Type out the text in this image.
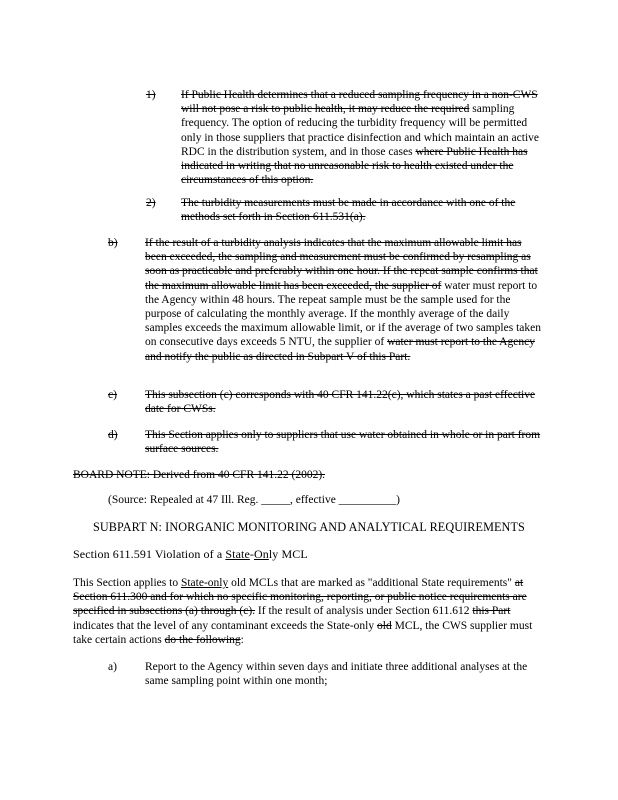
1) If Public Health determines that a reduced sampling frequency in a non-CWS will not pose a risk to public health, it may reduce the required sampling frequency. The option of reducing the turbidity frequency will be permitted only in those suppliers that practice disinfection and which maintain an active RDC in the distribution system, and in those cases where Public Health has indicated in writing that no unreasonable risk to health existed under the circumstances of this option.
2) The turbidity measurements must be made in accordance with one of the methods set forth in Section 611.531(a).
b) If the result of a turbidity analysis indicates that the maximum allowable limit has been exceeded, the sampling and measurement must be confirmed by resampling as soon as practicable and preferably within one hour. If the repeat sample confirms that the maximum allowable limit has been exceeded, the supplier of water must report to the Agency within 48 hours. The repeat sample must be the sample used for the purpose of calculating the monthly average. If the monthly average of the daily samples exceeds the maximum allowable limit, or if the average of two samples taken on consecutive days exceeds 5 NTU, the supplier of water must report to the Agency and notify the public as directed in Subpart V of this Part.
c) This subsection (c) corresponds with 40 CFR 141.22(c), which states a past effective date for CWSs.
d) This Section applies only to suppliers that use water obtained in whole or in part from surface sources.
BOARD NOTE: Derived from 40 CFR 141.22 (2002).
(Source: Repealed at 47 Ill. Reg. _____, effective __________)
SUBPART N: INORGANIC MONITORING AND ANALYTICAL REQUIREMENTS
Section 611.591 Violation of a State-Only MCL
This Section applies to State-only old MCLs that are marked as "additional State requirements" at Section 611.300 and for which no specific monitoring, reporting, or public notice requirements are specified in subsections (a) through (c). If the result of analysis under Section 611.612 this Part indicates that the level of any contaminant exceeds the State-only old MCL, the CWS supplier must take certain actions do the following:
a) Report to the Agency within seven days and initiate three additional analyses at the same sampling point within one month;
